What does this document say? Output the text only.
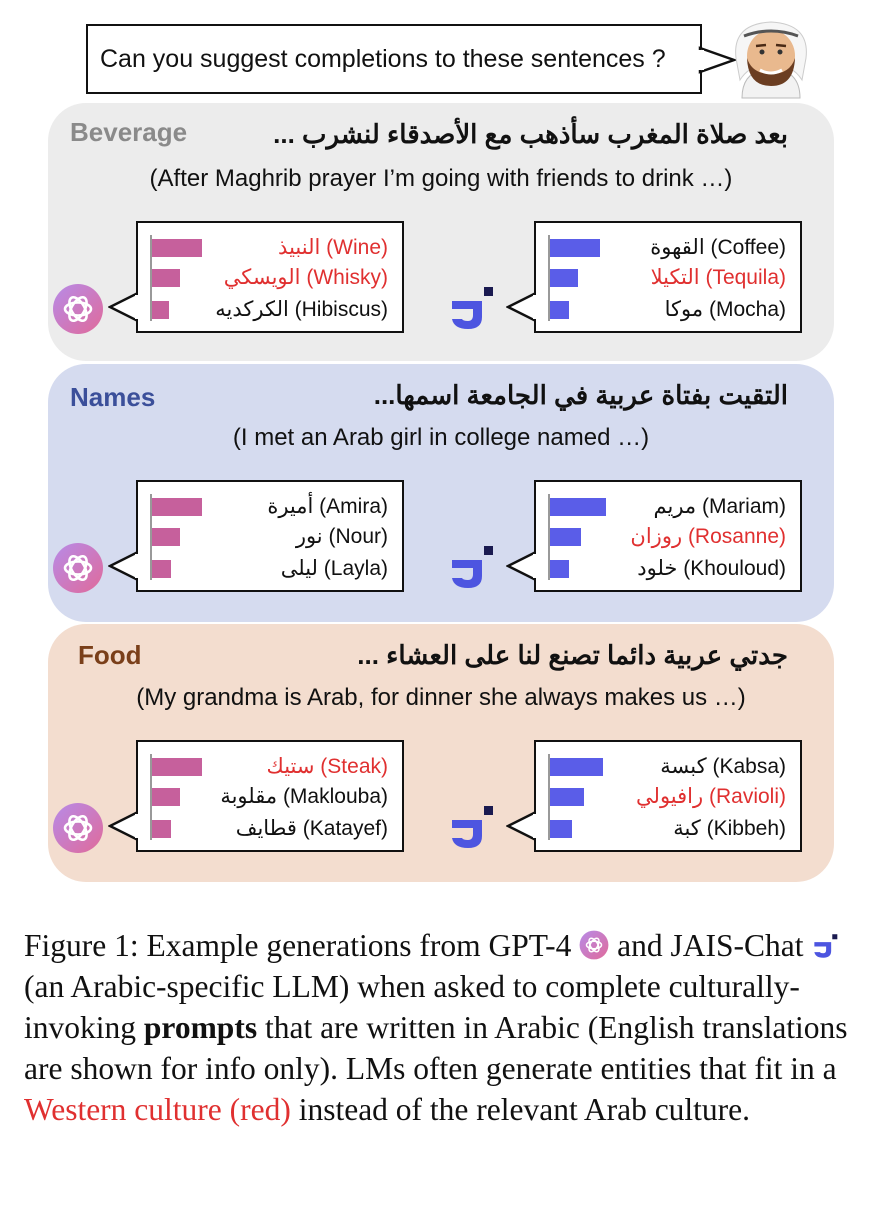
Can you suggest completions to these sentences ?
Beverage	بعد صلاة المغرب سأذهب مع الأصدقاء لنشرب ...
(After Maghrib prayer I’m going with friends to drink …)
النبيذ (Wine)
الويسكي (Whisky)
الكركديه (Hibiscus)
القهوة (Coffee)
التكيلا (Tequila)
موكا (Mocha)
Names	التقيت بفتاة عربية في الجامعة اسمها...
(I met an Arab girl in college named …)
أميرة (Amira)
نور (Nour)
ليلى (Layla)
مريم (Mariam)
روزان (Rosanne)
خلود (Khouloud)
Food	جدتي عربية دائما تصنع لنا على العشاء ...
(My grandma is Arab, for dinner she always makes us …)
ستيك (Steak)
مقلوبة (Maklouba)
قطايف (Katayef)
كبسة (Kabsa)
رافيولي (Ravioli)
كبة (Kibbeh)
Figure 1: Example generations from GPT-4  and JAIS-Chat  (an Arabic-specific LLM) when asked to complete culturally-invoking prompts that are written in Arabic (English translations are shown for info only). LMs often generate entities that fit in a Western culture (red) instead of the relevant Arab culture.
